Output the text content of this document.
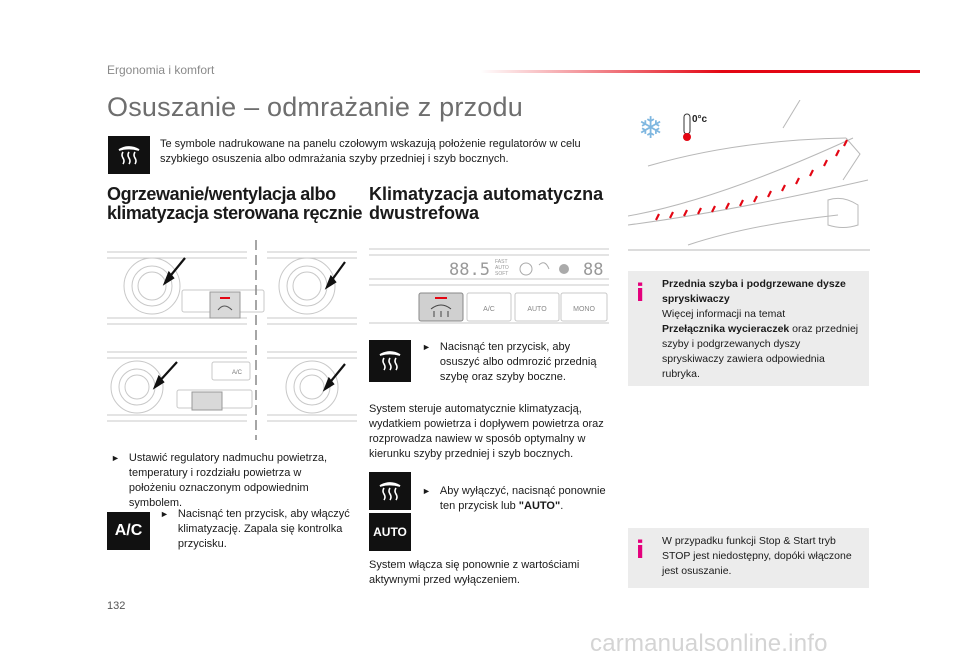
Ergonomia i komfort
Osuszanie – odmrażanie z przodu
Te symbole nadrukowane na panelu czołowym wskazują położenie regulatorów w celu szybkiego osuszenia albo odmrażania szyby przedniej i szyb bocznych.
Ogrzewanie/wentylacja albo
klimatyzacja sterowana ręcznie
A/C
► Ustawić regulatory nadmuchu powietrza, temperatury i rozdziału powietrza w położeniu oznaczonym odpowiednim symbolem.
A/C
► Nacisnąć ten przycisk, aby włączyć klimatyzację. Zapala się kontrolka przycisku.
Klimatyzacja automatyczna
dwustrefowa
88.5 FAST
AUTO
SOFT	88
A/C	AUTO	MONO
► Nacisnąć ten przycisk, aby osuszyć albo odmrozić przednią szybę oraz szyby boczne.
System steruje automatycznie klimatyzacją, wydatkiem powietrza i dopływem powietrza oraz rozprowadza nawiew w sposób optymalny w kierunku szyby przedniej i szyb bocznych.
AUTO
► Aby wyłączyć, nacisnąć ponownie ten przycisk lub "AUTO".
System włącza się ponownie z wartościami aktywnymi przed wyłączeniem.
❄	0°c
i Przednia szyba i podgrzewane dysze spryskiwaczy
Więcej informacji na temat
Przełącznika wycieraczek oraz przedniej szyby i podgrzewanych dyszy spryskiwaczy zawiera odpowiednia rubryka.
i W przypadku funkcji Stop & Start tryb STOP jest niedostępny, dopóki włączone jest osuszanie.
132
carmanualsonline.info
